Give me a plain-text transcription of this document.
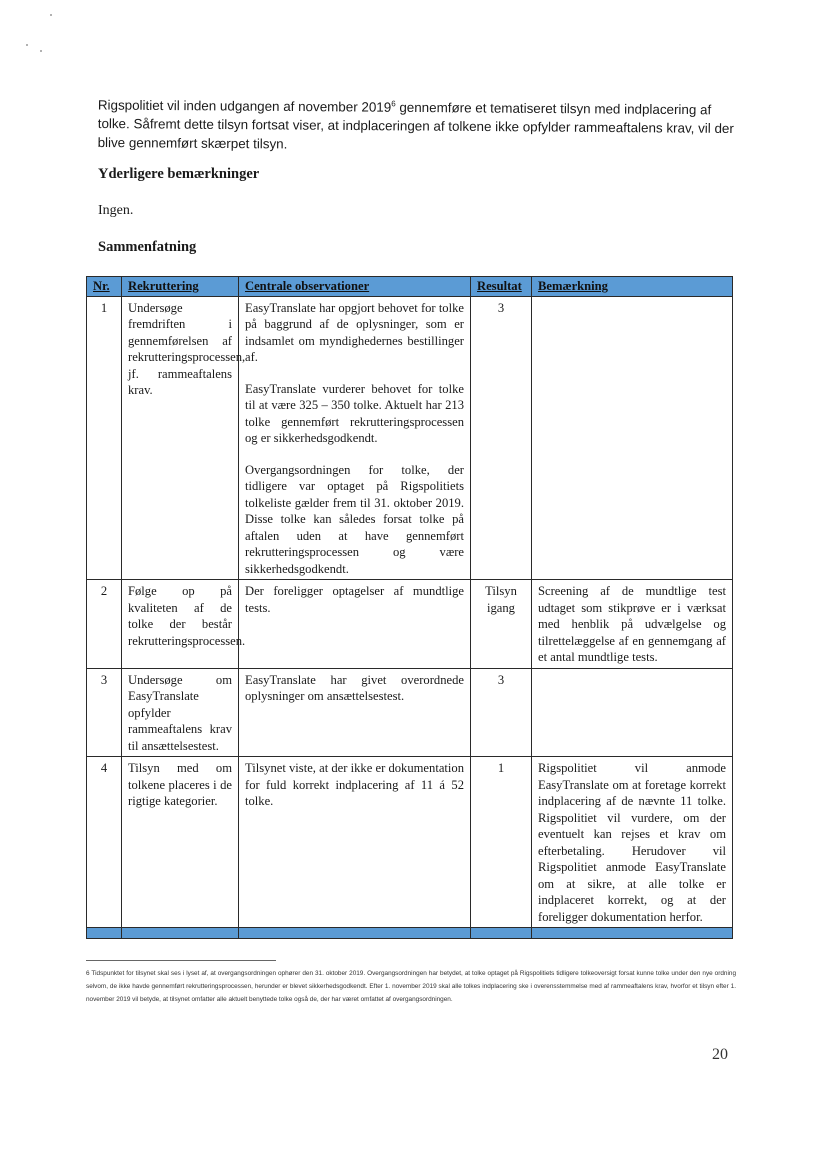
Rigspolitiet vil inden udgangen af november 2019$^6$ gennemføre et tematiseret tilsyn med indplacering af tolke. Såfremt dette tilsyn fortsat viser, at indplaceringen af tolkene ikke opfylder rammeaftalens krav, vil der blive gennemført skærpet tilsyn.
Yderligere bemærkninger
Ingen.
Sammenfatning
Nr.	Rekruttering	Centrale observationer	Resultat	Bemærkning
1	Undersøge fremdriften i gennemførelsen af rekrutteringsprocessen, jf. rammeaftalens krav.	EasyTranslate har opgjort behovet for tolke på baggrund af de oplysninger, som er indsamlet om myndighedernes bestillinger af.

EasyTranslate vurderer behovet for tolke til at være 325 – 350 tolke. Aktuelt har 213 tolke gennemført rekrutteringsprocessen og er sikkerhedsgodkendt.

Overgangsordningen for tolke, der tidligere var optaget på Rigspolitiets tolkeliste gælder frem til 31. oktober 2019. Disse tolke kan således forsat tolke på aftalen uden at have gennemført rekrutteringsprocessen og være sikkerhedsgodkendt.	3	
2	Følge op på kvaliteten af de tolke der består rekrutteringsprocessen.	Der foreligger optagelser af mundtlige tests.	Tilsyn igang	Screening af de mundtlige test udtaget som stikprøve er i værksat med henblik på udvælgelse og tilrettelæggelse af en gennemgang af et antal mundtlige tests.
3	Undersøge om EasyTranslate opfylder rammeaftalens krav til ansættelsestest.	EasyTranslate har givet overordnede oplysninger om ansættelsestest.	3	
4	Tilsyn med om tolkene placeres i de rigtige kategorier.	Tilsynet viste, at der ikke er dokumentation for fuld korrekt indplacering af 11 á 52 tolke.	1	Rigspolitiet vil anmode EasyTranslate om at foretage korrekt indplacering af de nævnte 11 tolke. Rigspolitiet vil vurdere, om der eventuelt kan rejses et krav om efterbetaling. Herudover vil Rigspolitiet anmode EasyTranslate om at sikre, at alle tolke er indplaceret korrekt, og at der foreligger dokumentation herfor.

6 Tidspunktet for tilsynet skal ses i lyset af, at overgangsordningen ophører den 31. oktober 2019. Overgangsordningen har betydet, at tolke optaget på Rigspolitiets tidligere tolkeoversigt forsat kunne tolke under den nye ordning selvom, de ikke havde gennemført rekrutteringsprocessen, herunder er blevet sikkerhedsgodkendt. Efter 1. november 2019 skal alle tolkes indplacering ske i overensstemmelse med af rammeaftalens krav, hvorfor et tilsyn efter 1. november 2019 vil betyde, at tilsynet omfatter alle aktuelt benyttede tolke også de, der har været omfattet af overgangsordningen.
20
